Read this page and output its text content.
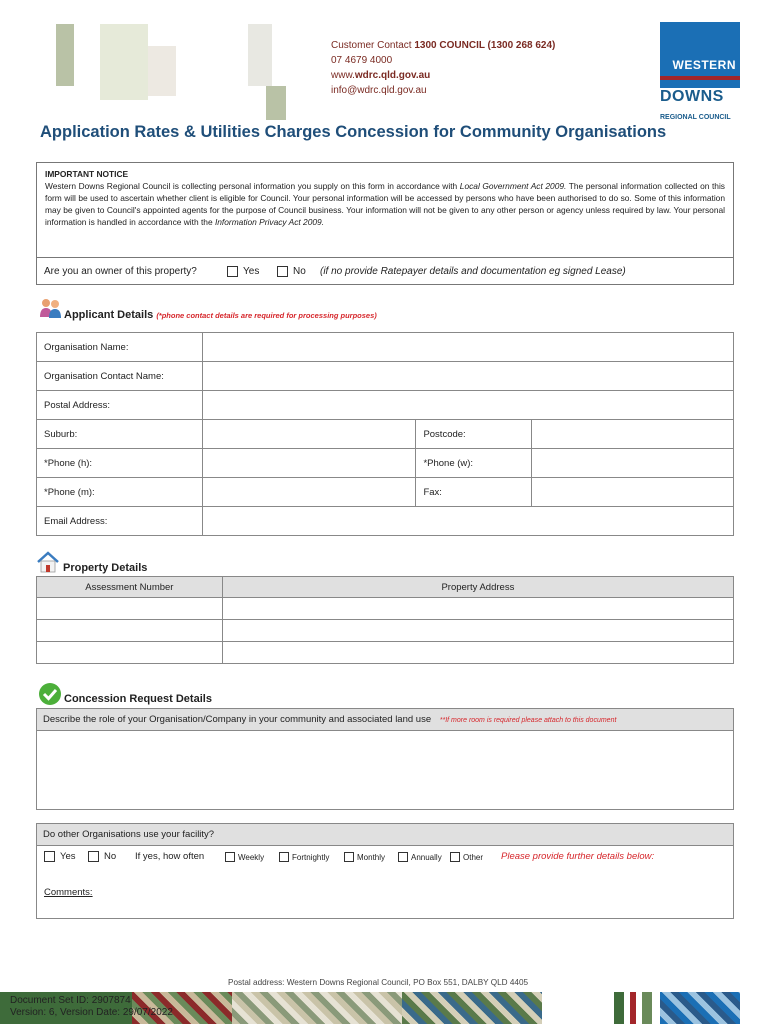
Customer Contact 1300 COUNCIL (1300 268 624)
07 4679 4000
www.wdrc.qld.gov.au
info@wdrc.qld.gov.au
WESTERN
DOWNS
REGIONAL COUNCIL
Application Rates & Utilities Charges Concession for Community Organisations
IMPORTANT NOTICE

Western Downs Regional Council is collecting personal information you supply on this form in accordance with Local Government Act 2009. The personal information collected on this form will be used to ascertain whether client is eligible for Council. Your personal information will be accessed by persons who have been authorised to do so. Some of this information may be given to Council's appointed agents for the purpose of Council business. Your information will not be given to any other person or agency unless required by law. Your personal information is handled in accordance with the Information Privacy Act 2009.

Are you an owner of this property?	Yes	No (if no provide Ratepayer details and documentation eg signed Lease)
Applicant Details (*phone contact details are required for processing purposes)
Organisation Name:			
Organisation Contact Name:			
Postal Address:			
Suburb:		Postcode:	
*Phone (h):		*Phone (w):	
*Phone (m):		Fax:	
Email Address:			
Property Details
Assessment Number	Property Address

Concession Request Details
Describe the role of your Organisation/Company in your community and associated land use **If more room is required please attach to this document
Do other Organisations use your facility?
Yes	No If yes, how often	Weekly	Fortnightly	Monthly	Annually	Other Please provide further details below:
Comments:
Postal address: Western Downs Regional Council, PO Box 551, DALBY QLD 4405
Document Set ID: 2907874
Version: 6, Version Date: 29/07/2022
